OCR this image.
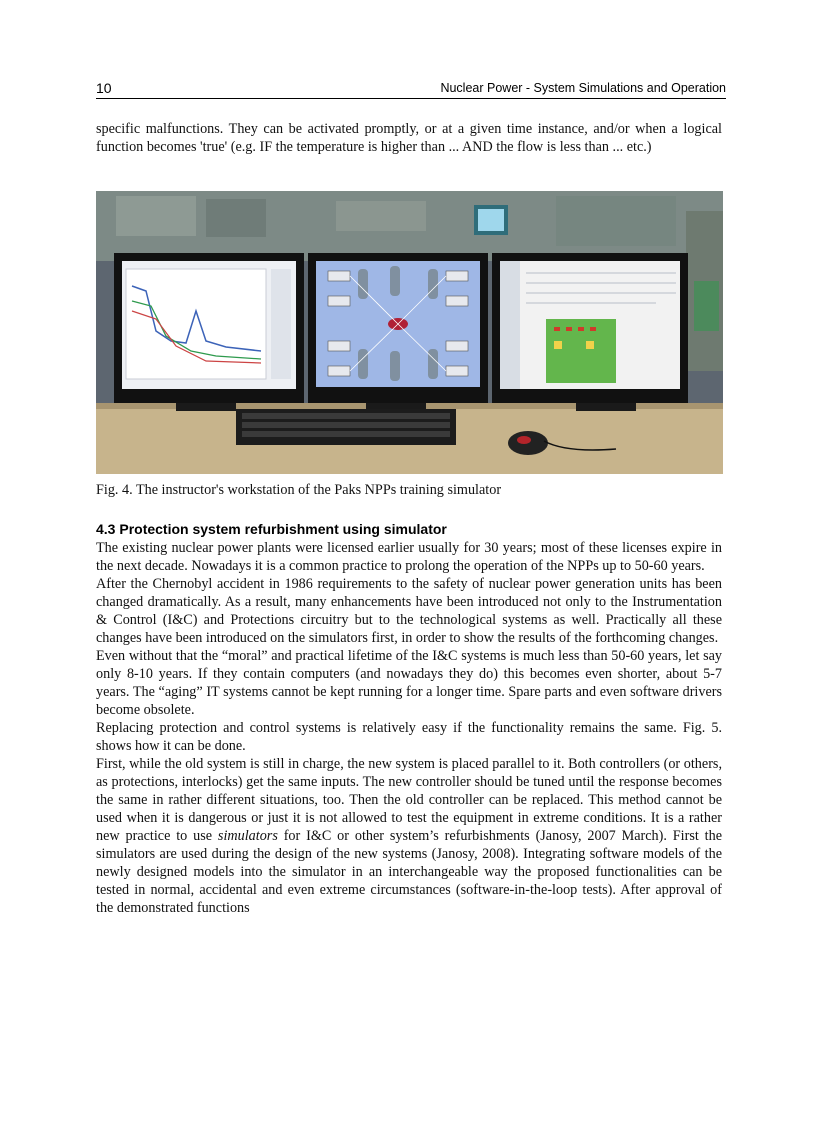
10	Nuclear Power - System Simulations and Operation
specific malfunctions. They can be activated promptly, or at a given time instance, and/or when a logical function becomes 'true' (e.g. IF the temperature is higher than ... AND the flow is less than ... etc.)
Fig. 4. The instructor's workstation of the Paks NPPs training simulator
4.3 Protection system refurbishment using simulator

The existing nuclear power plants were licensed earlier usually for 30 years; most of these licenses expire in the next decade. Nowadays it is a common practice to prolong the operation of the NPPs up to 50-60 years.

After the Chernobyl accident in 1986 requirements to the safety of nuclear power generation units has been changed dramatically. As a result, many enhancements have been introduced not only to the Instrumentation & Control (I&C) and Protections circuitry but to the technological systems as well. Practically all these changes have been introduced on the simulators first, in order to show the results of the forthcoming changes.

Even without that the “moral” and practical lifetime of the I&C systems is much less than 50-60 years, let say only 8-10 years. If they contain computers (and nowadays they do) this becomes even shorter, about 5-7 years. The “aging” IT systems cannot be kept running for a longer time. Spare parts and even software drivers become obsolete.

Replacing protection and control systems is relatively easy if the functionality remains the same. Fig. 5. shows how it can be done.

First, while the old system is still in charge, the new system is placed parallel to it. Both controllers (or others, as protections, interlocks) get the same inputs. The new controller should be tuned until the response becomes the same in rather different situations, too. Then the old controller can be replaced. This method cannot be used when it is dangerous or just it is not allowed to test the equipment in extreme conditions. It is a rather new practice to use simulators for I&C or other system’s refurbishments (Janosy, 2007 March). First the simulators are used during the design of the new systems (Janosy, 2008). Integrating software models of the newly designed models into the simulator in an interchangeable way the proposed functionalities can be tested in normal, accidental and even extreme circumstances (software-in-the-loop tests). After approval of the demonstrated functions
